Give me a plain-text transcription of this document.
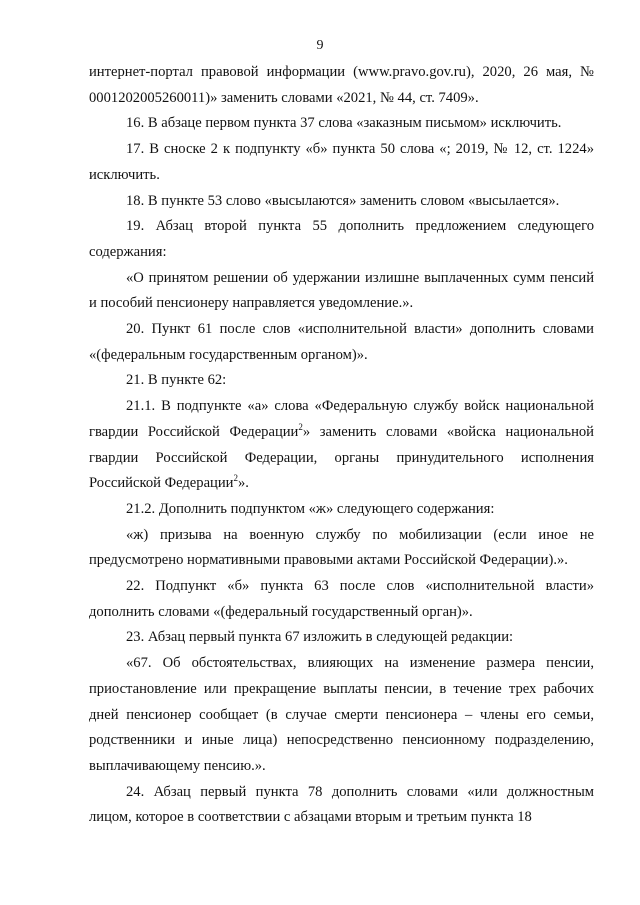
9

интернет-портал правовой информации (www.pravo.gov.ru), 2020, 26 мая, № 0001202005260011)» заменить словами «2021, № 44, ст. 7409».

16. В абзаце первом пункта 37 слова «заказным письмом» исключить.

17. В сноске 2 к подпункту «б» пункта 50 слова «; 2019, № 12, ст. 1224» исключить.

18. В пункте 53 слово «высылаются» заменить словом «высылается».

19. Абзац второй пункта 55 дополнить предложением следующего содержания:

«О принятом решении об удержании излишне выплаченных сумм пенсий и пособий пенсионеру направляется уведомление.».

20. Пункт 61 после слов «исполнительной власти» дополнить словами «(федеральным государственным органом)».

21. В пункте 62:

21.1. В подпункте «а» слова «Федеральную службу войск национальной гвардии Российской Федерации$^2$» заменить словами «войска национальной гвардии Российской Федерации, органы принудительного исполнения Российской Федерации$^2$».

21.2. Дополнить подпунктом «ж» следующего содержания:

«ж) призыва на военную службу по мобилизации (если иное не предусмотрено нормативными правовыми актами Российской Федерации).».

22. Подпункт «б» пункта 63 после слов «исполнительной власти» дополнить словами «(федеральный государственный орган)».

23. Абзац первый пункта 67 изложить в следующей редакции:

«67. Об обстоятельствах, влияющих на изменение размера пенсии, приостановление или прекращение выплаты пенсии, в течение трех рабочих дней пенсионер сообщает (в случае смерти пенсионера – члены его семьи, родственники и иные лица) непосредственно пенсионному подразделению, выплачивающему пенсию.».

24. Абзац первый пункта 78 дополнить словами «или должностным лицом, которое в соответствии с абзацами вторым и третьим пункта 18
